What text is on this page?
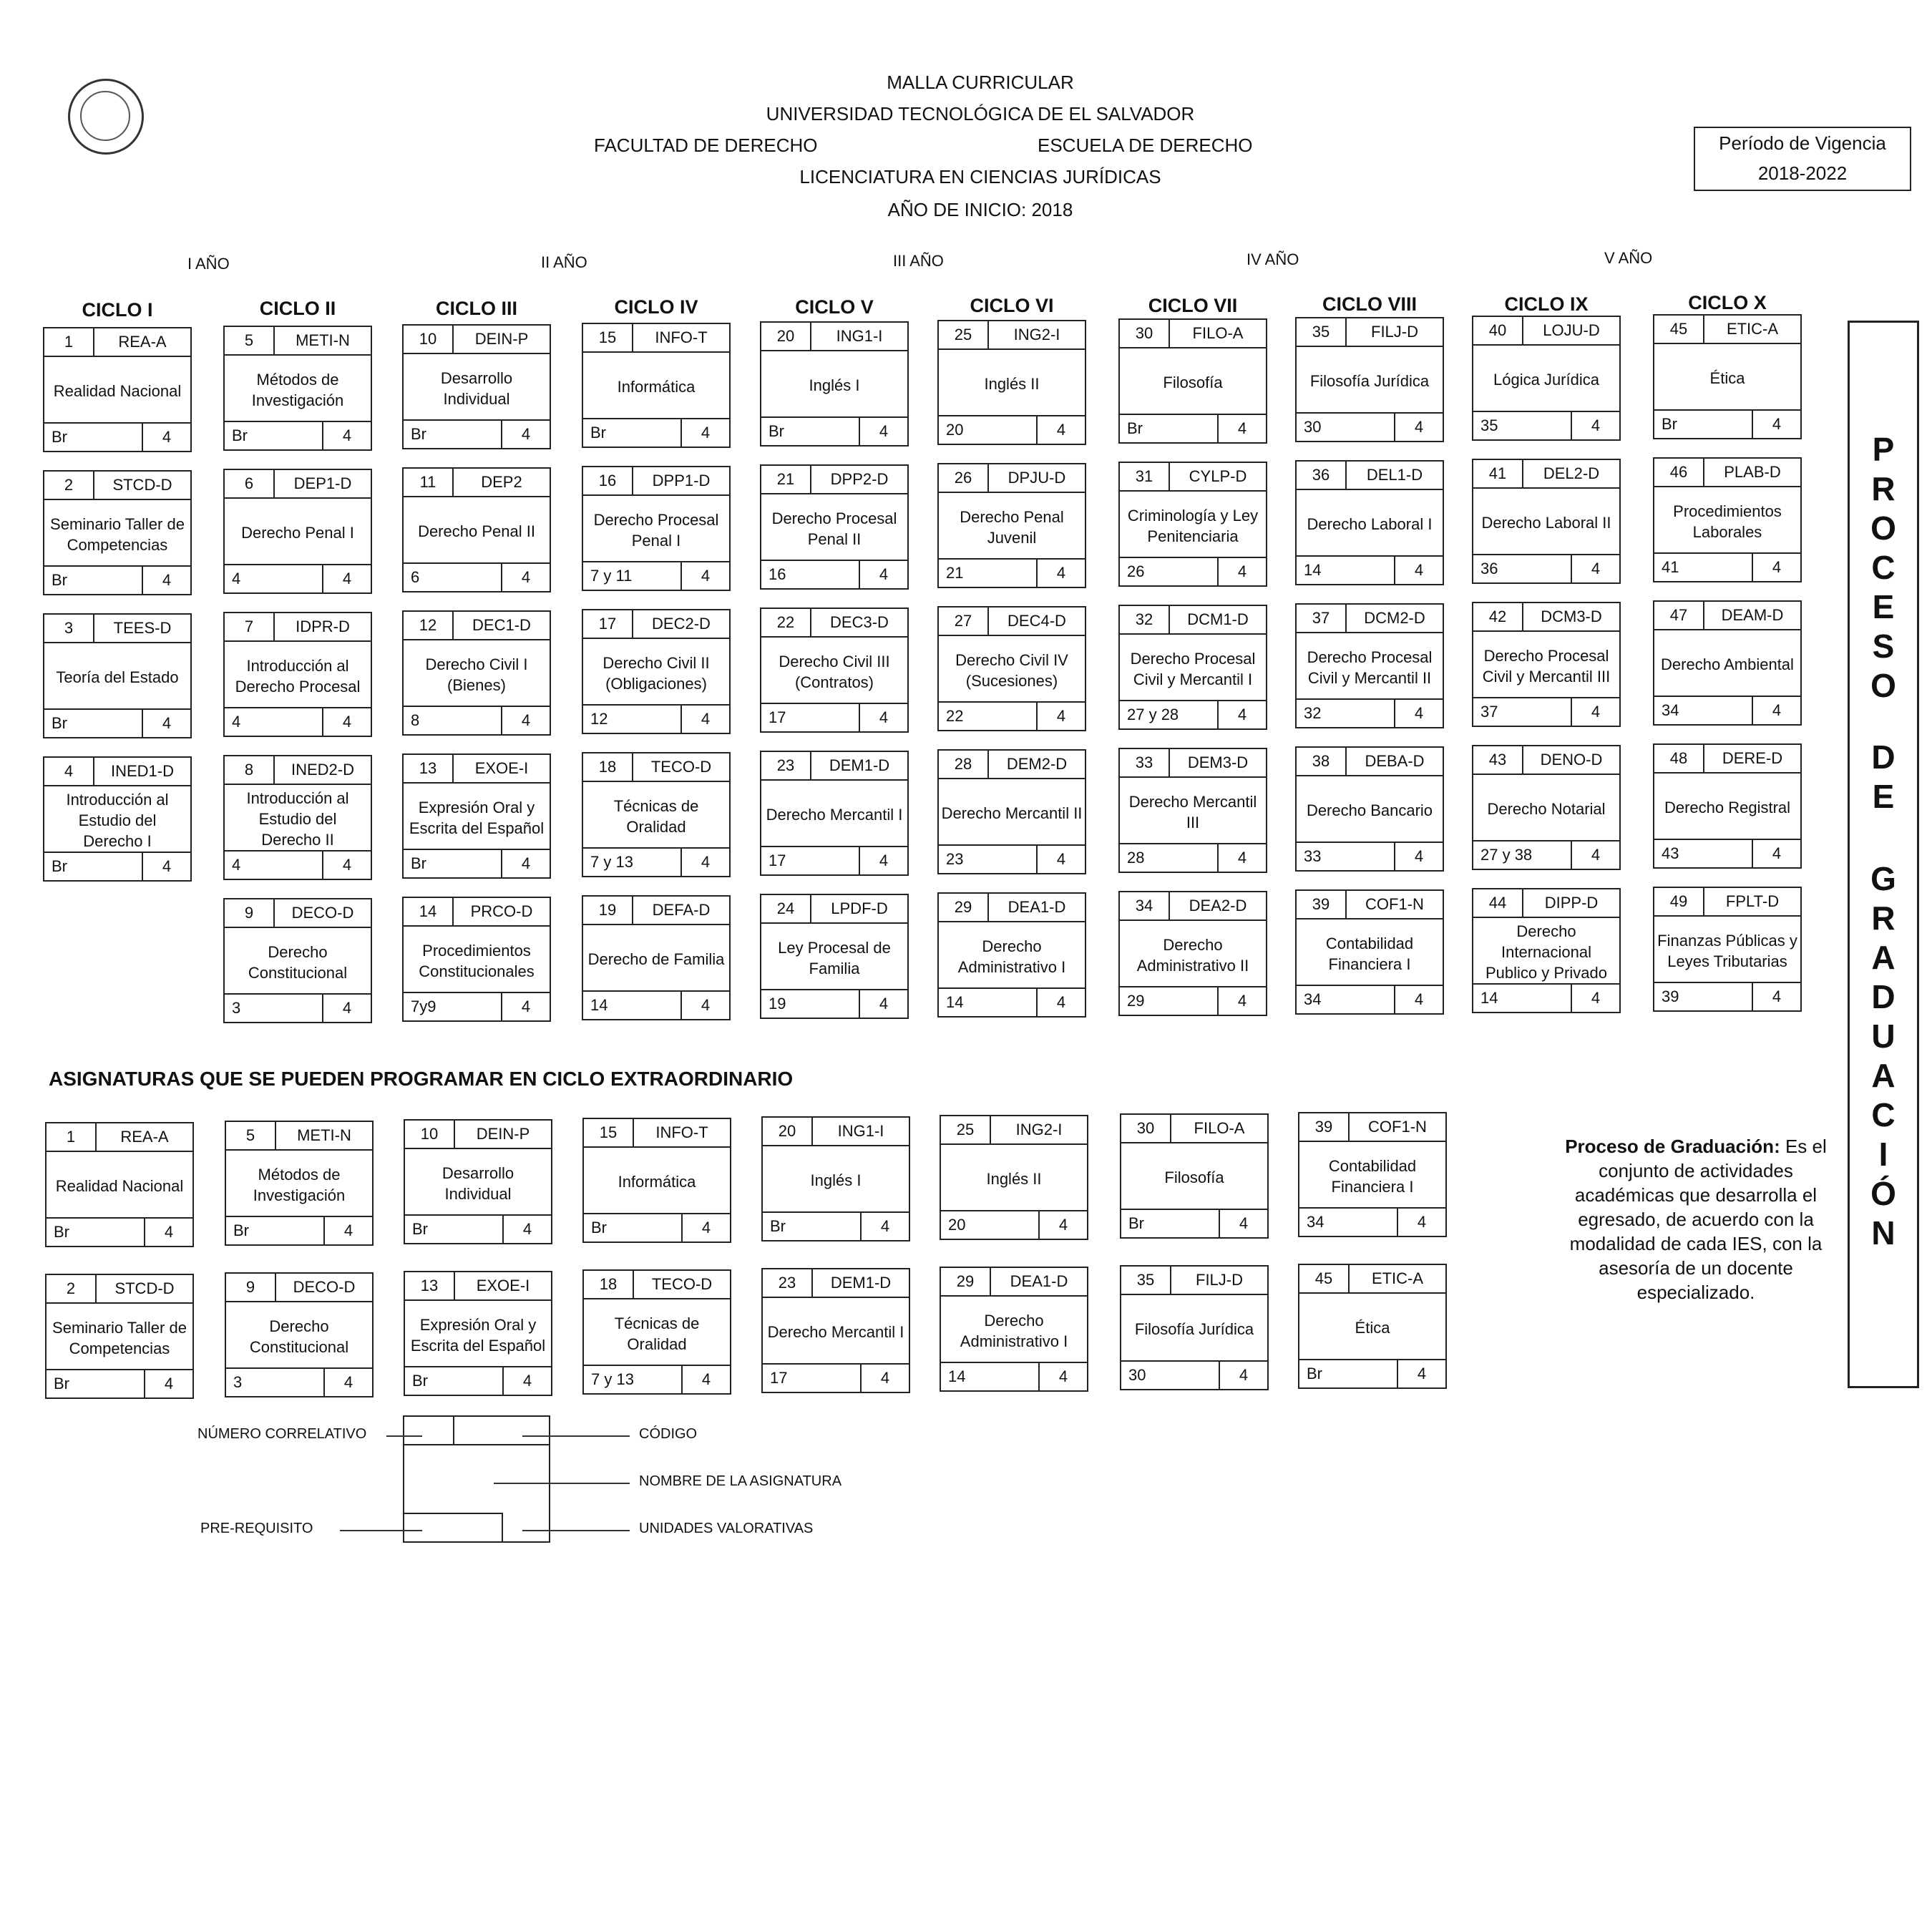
MALLA CURRICULAR
UNIVERSIDAD TECNOLÓGICA DE EL SALVADOR
FACULTAD DE DERECHO	ESCUELA DE DERECHO
LICENCIATURA EN CIENCIAS JURÍDICAS
AÑO DE INICIO: 2018
Período de Vigencia
2018-2022
I AÑO	II AÑO	III AÑO	IV AÑO	V AÑO
CICLO I	CICLO II	CICLO III	CICLO IV	CICLO V	CICLO VI	CICLO VII	CICLO VIII	CICLO IX	CICLO X
1	REA-A
Realidad Nacional
Br	4
2	STCD-D
Seminario Taller de Competencias
Br	4
3	TEES-D
Teoría del Estado
Br	4
4	INED1-D
Introducción al Estudio del Derecho I
Br	4
5	METI-N
Métodos de Investigación
Br	4
6	DEP1-D
Derecho Penal I
4	4
7	IDPR-D
Introducción al Derecho Procesal
4	4
8	INED2-D
Introducción al Estudio del Derecho II
4	4
9	DECO-D
Derecho Constitucional
3	4
10	DEIN-P
Desarrollo Individual
Br	4
11	DEP2
Derecho Penal II
6	4
12	DEC1-D
Derecho Civil I (Bienes)
8	4
13	EXOE-I
Expresión Oral y Escrita del Español
Br	4
14	PRCO-D
Procedimientos Constitucionales
7y9	4
15	INFO-T
Informática
Br	4
16	DPP1-D
Derecho Procesal Penal I
7 y 11	4
17	DEC2-D
Derecho Civil II (Obligaciones)
12	4
18	TECO-D
Técnicas de Oralidad
7 y 13	4
19	DEFA-D
Derecho de Familia
14	4
20	ING1-I
Inglés I
Br	4
21	DPP2-D
Derecho Procesal Penal II
16	4
22	DEC3-D
Derecho Civil III (Contratos)
17	4
23	DEM1-D
Derecho Mercantil I
17	4
24	LPDF-D
Ley Procesal de Familia
19	4
25	ING2-I
Inglés II
20	4
26	DPJU-D
Derecho Penal Juvenil
21	4
27	DEC4-D
Derecho Civil IV (Sucesiones)
22	4
28	DEM2-D
Derecho Mercantil II
23	4
29	DEA1-D
Derecho Administrativo I
14	4
30	FILO-A
Filosofía
Br	4
31	CYLP-D
Criminología y Ley Penitenciaria
26	4
32	DCM1-D
Derecho Procesal Civil y Mercantil I
27 y 28	4
33	DEM3-D
Derecho Mercantil III
28	4
34	DEA2-D
Derecho Administrativo II
29	4
35	FILJ-D
Filosofía Jurídica
30	4
36	DEL1-D
Derecho Laboral I
14	4
37	DCM2-D
Derecho Procesal Civil y Mercantil II
32	4
38	DEBA-D
Derecho Bancario
33	4
39	COF1-N
Contabilidad Financiera I
34	4
40	LOJU-D
Lógica Jurídica
35	4
41	DEL2-D
Derecho Laboral II
36	4
42	DCM3-D
Derecho Procesal Civil y Mercantil III
37	4
43	DENO-D
Derecho Notarial
27 y 38	4
44	DIPP-D
Derecho Internacional Publico y Privado
14	4
45	ETIC-A
Ética
Br	4
46	PLAB-D
Procedimientos Laborales
41	4
47	DEAM-D
Derecho Ambiental
34	4
48	DERE-D
Derecho Registral
43	4
49	FPLT-D
Finanzas Públicas y Leyes Tributarias
39	4
P
R
O
C
E
S
O
D
E
G
R
A
D
U
A
C
I
Ó
N
ASIGNATURAS QUE SE PUEDEN PROGRAMAR EN CICLO EXTRAORDINARIO
1	REA-A
Realidad Nacional
Br	4
5	METI-N
Métodos de Investigación
Br	4
10	DEIN-P
Desarrollo Individual
Br	4
15	INFO-T
Informática
Br	4
20	ING1-I
Inglés I
Br	4
25	ING2-I
Inglés II
20	4
30	FILO-A
Filosofía
Br	4
39	COF1-N
Contabilidad Financiera I
34	4
2	STCD-D
Seminario Taller de Competencias
Br	4
9	DECO-D
Derecho Constitucional
3	4
13	EXOE-I
Expresión Oral y Escrita del Español
Br	4
18	TECO-D
Técnicas de Oralidad
7 y 13	4
23	DEM1-D
Derecho Mercantil I
17	4
29	DEA1-D
Derecho Administrativo I
14	4
35	FILJ-D
Filosofía Jurídica
30	4
45	ETIC-A
Ética
Br	4
Proceso de Graduación: Es el conjunto de actividades académicas que desarrolla el egresado, de acuerdo con la modalidad de cada IES, con la asesoría de un docente especializado.
NÚMERO CORRELATIVO	CÓDIGO
NOMBRE DE LA ASIGNATURA
PRE-REQUISITO	UNIDADES VALORATIVAS
